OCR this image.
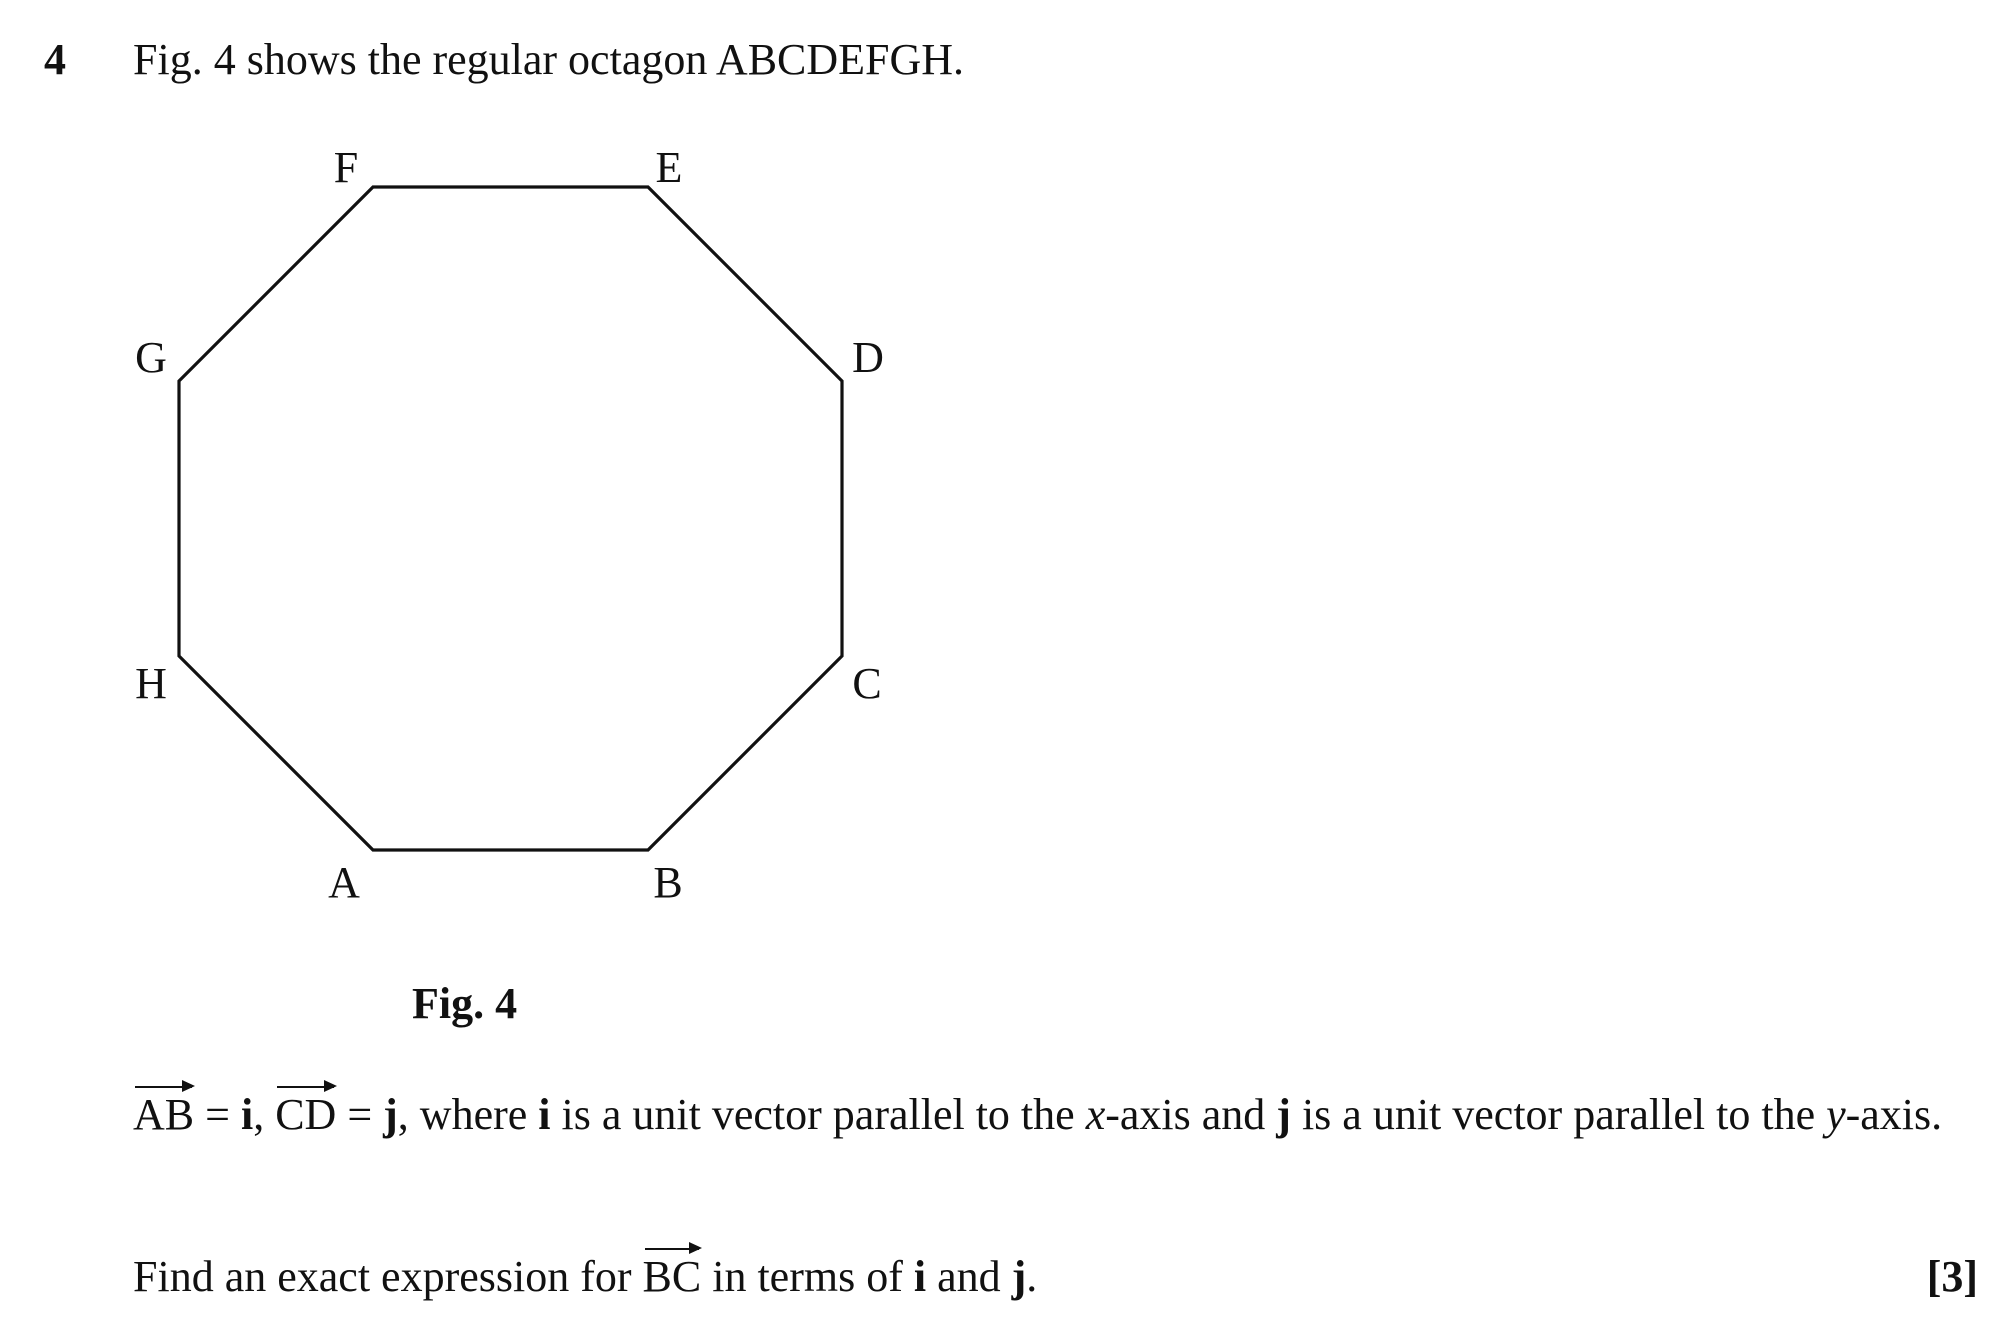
4 Fig. 4 shows the regular octagon ABCDEFGH.
A	B
C
D
E
F
G
H
Fig. 4
AB = i, CD = j, where i is a unit vector parallel to the x-axis and j is a unit vector parallel to the y-axis.
Find an exact expression for BC in terms of i and j.	[3]
